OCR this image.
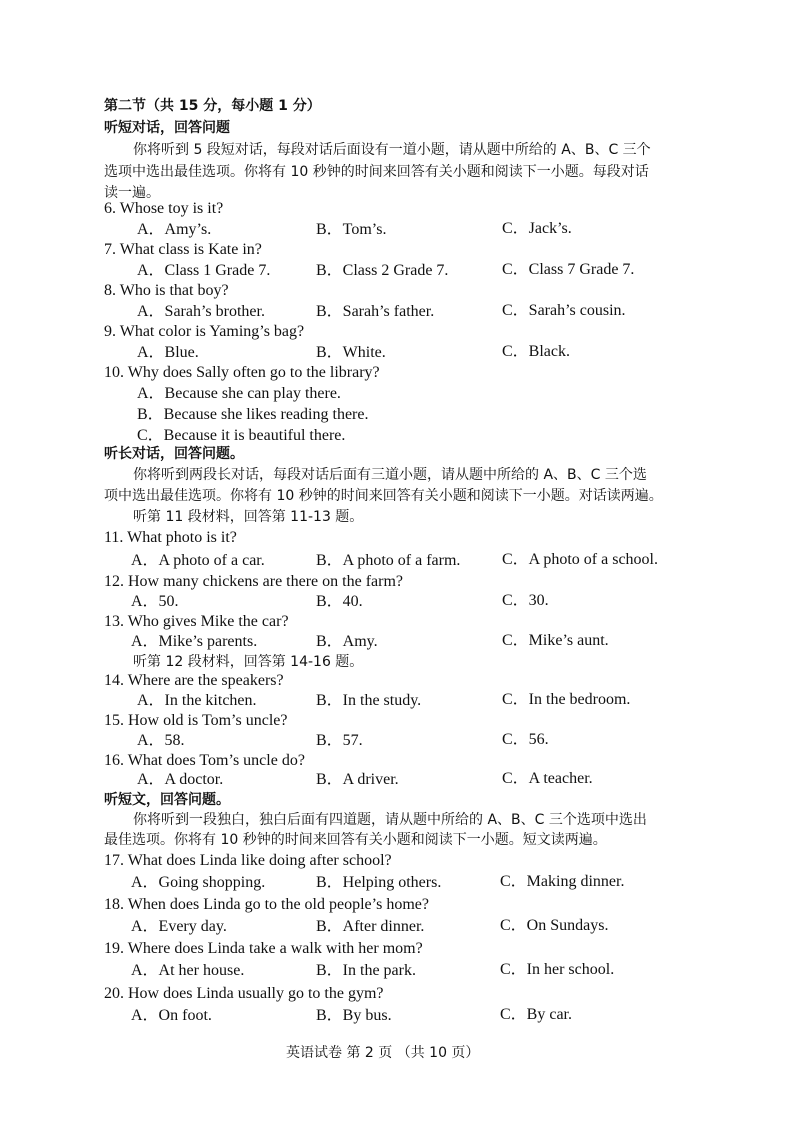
第二节（共 15 分，每小题 1 分）
听短对话，回答问题
你将听到 5 段短对话，每段对话后面设有一道小题，请从题中所给的 A、B、C 三个
选项中选出最佳选项。你将有 10 秒钟的时间来回答有关小题和阅读下一小题。每段对话
读一遍。
6. Whose toy is it?
A．Amy’s.	B．Tom’s.	C．Jack’s.
7. What class is Kate in?
A．Class 1 Grade 7.	B．Class 2 Grade 7.	C．Class 7 Grade 7.
8. Who is that boy?
A．Sarah’s brother.	B．Sarah’s father.	C．Sarah’s cousin.
9. What color is Yaming’s bag?
A．Blue.	B．White.	C．Black.
10. Why does Sally often go to the library?
A．Because she can play there.
B．Because she likes reading there.
C．Because it is beautiful there.
听长对话，回答问题。
你将听到两段长对话，每段对话后面有三道小题，请从题中所给的 A、B、C 三个选
项中选出最佳选项。你将有 10 秒钟的时间来回答有关小题和阅读下一小题。对话读两遍。
听第 11 段材料，回答第 11-13 题。
11. What photo is it?
A．A photo of a car.	B．A photo of a farm.	C．A photo of a school.
12. How many chickens are there on the farm?
A．50.	B．40.	C．30.
13. Who gives Mike the car?
A．Mike’s parents.	B．Amy.	C．Mike’s aunt.
听第 12 段材料，回答第 14-16 题。
14. Where are the speakers?
A．In the kitchen.	B．In the study.	C．In the bedroom.
15. How old is Tom’s uncle?
A．58.	B．57.	C．56.
16. What does Tom’s uncle do?
A．A doctor.	B．A driver.	C．A teacher.
听短文，回答问题。
你将听到一段独白，独白后面有四道题，请从题中所给的 A、B、C 三个选项中选出
最佳选项。你将有 10 秒钟的时间来回答有关小题和阅读下一小题。短文读两遍。
17. What does Linda like doing after school?
A．Going shopping.	B．Helping others.	C．Making dinner.
18. When does Linda go to the old people’s home?
A．Every day.	B．After dinner.	C．On Sundays.
19. Where does Linda take a walk with her mom?
A．At her house.	B．In the park.	C．In her school.
20. How does Linda usually go to the gym?
A．On foot.	B．By bus.	C．By car.
英语试卷 第 2 页 （共 10 页）
